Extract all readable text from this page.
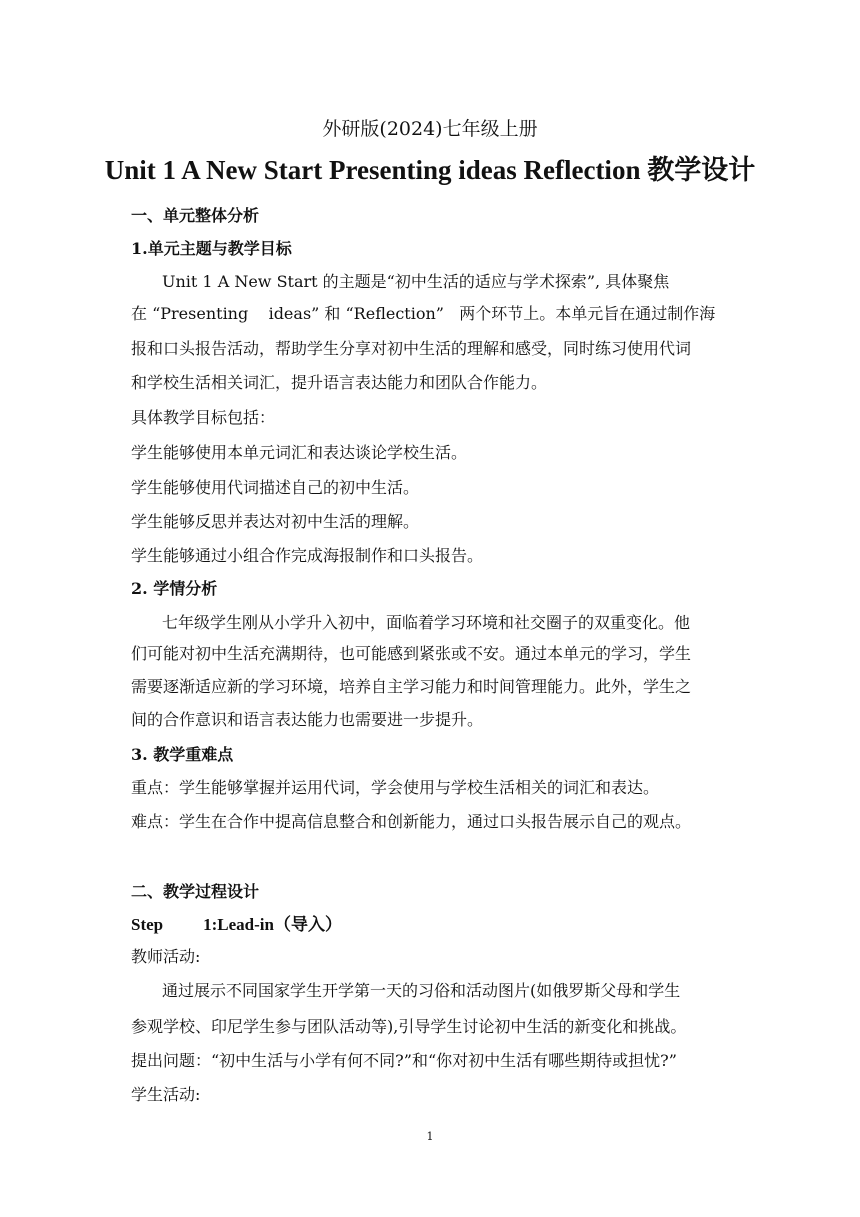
外研版(2024)七年级上册
Unit 1 A New Start Presenting ideas Reflection 教学设计
一、单元整体分析
1.单元主题与教学目标
Unit 1 A New Start 的主题是“初中生活的适应与学术探索”, 具体聚焦
在 “Presenting    ideas” 和 “Reflection”   两个环节上。本单元旨在通过制作海
报和口头报告活动，帮助学生分享对初中生活的理解和感受，同时练习使用代词
和学校生活相关词汇，提升语言表达能力和团队合作能力。
具体教学目标包括：
学生能够使用本单元词汇和表达谈论学校生活。
学生能够使用代词描述自己的初中生活。
学生能够反思并表达对初中生活的理解。
学生能够通过小组合作完成海报制作和口头报告。
2. 学情分析
七年级学生刚从小学升入初中，面临着学习环境和社交圈子的双重变化。他
们可能对初中生活充满期待，也可能感到紧张或不安。通过本单元的学习，学生
需要逐渐适应新的学习环境，培养自主学习能力和时间管理能力。此外，学生之
间的合作意识和语言表达能力也需要进一步提升。
3. 教学重难点
重点：学生能够掌握并运用代词，学会使用与学校生活相关的词汇和表达。
难点：学生在合作中提高信息整合和创新能力，通过口头报告展示自己的观点。
二、教学过程设计
Step 1:Lead-in（导入）
教师活动:
通过展示不同国家学生开学第一天的习俗和活动图片(如俄罗斯父母和学生
参观学校、印尼学生参与团队活动等),引导学生讨论初中生活的新变化和挑战。
提出问题：“初中生活与小学有何不同?”和“你对初中生活有哪些期待或担忧?”
学生活动:
1
